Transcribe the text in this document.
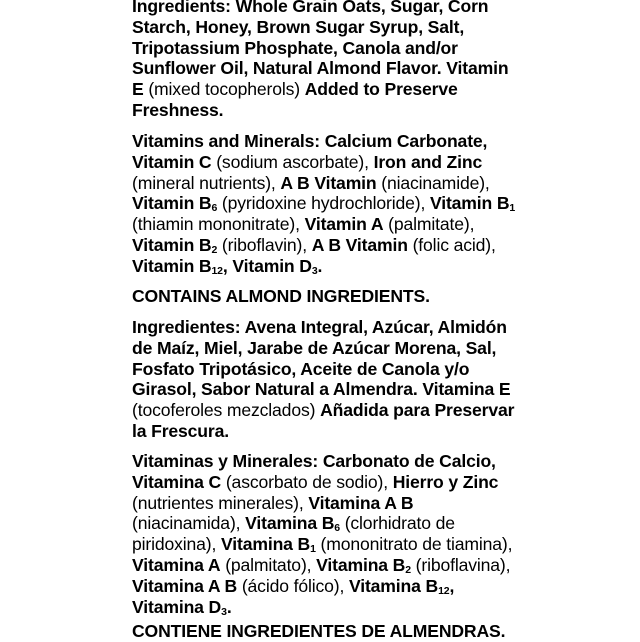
Ingredients: Whole Grain Oats, Sugar, Corn Starch, Honey, Brown Sugar Syrup, Salt, Tripotassium Phosphate, Canola and/or Sunflower Oil, Natural Almond Flavor. Vitamin E (mixed tocopherols) Added to Preserve Freshness.

Vitamins and Minerals: Calcium Carbonate, Vitamin C (sodium ascorbate), Iron and Zinc (mineral nutrients), A B Vitamin (niacinamide), Vitamin $B_6$ (pyridoxine hydrochloride), Vitamin $B_1$ (thiamin mononitrate), Vitamin A (palmitate), Vitamin $B_2$ (riboflavin), A B Vitamin (folic acid), Vitamin $B_{12}$, Vitamin $D_3$.

CONTAINS ALMOND INGREDIENTS.

Ingredientes: Avena Integral, Azúcar, Almidón de Maíz, Miel, Jarabe de Azúcar Morena, Sal, Fosfato Tripotásico, Aceite de Canola y/o Girasol, Sabor Natural a Almendra. Vitamina E (tocoferoles mezclados) Añadida para Preservar la Frescura.

Vitaminas y Minerales: Carbonato de Calcio, Vitamina C (ascorbato de sodio), Hierro y Zinc (nutrientes minerales), Vitamina A B (niacinamida), Vitamina $B_6$ (clorhidrato de piridoxina), Vitamina $B_1$ (mononitrato de tiamina), Vitamina A (palmitato), Vitamina $B_2$ (riboflavina), Vitamina A B (ácido fólico), Vitamina $B_{12}$, Vitamina $D_3$.

CONTIENE INGREDIENTES DE ALMENDRAS.
